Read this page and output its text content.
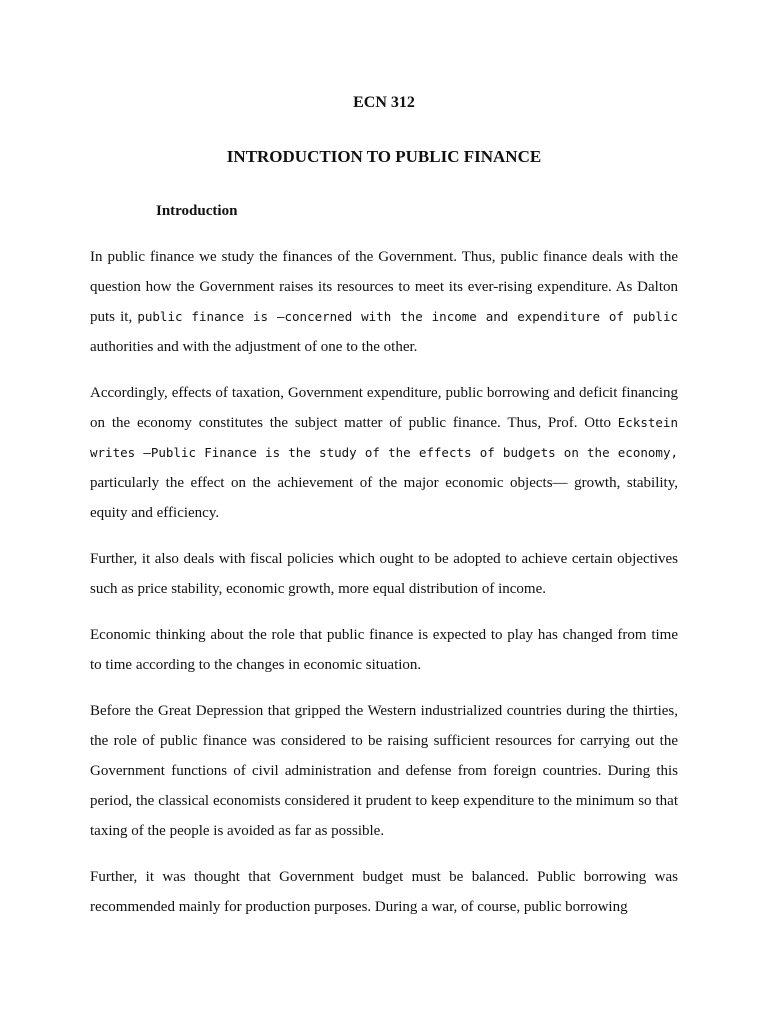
ECN 312
INTRODUCTION TO PUBLIC FINANCE
Introduction

In public finance we study the finances of the Government. Thus, public finance deals with the question how the Government raises its resources to meet its ever-rising expenditure. As Dalton puts it, public finance is —concerned with the income and expenditure of public authorities and with the adjustment of one to the other.

Accordingly, effects of taxation, Government expenditure, public borrowing and deficit financing on the economy constitutes the subject matter of public finance. Thus, Prof. Otto Eckstein writes —Public Finance is the study of the effects of budgets on the economy, particularly the effect on the achievement of the major economic objects— growth, stability, equity and efficiency.

Further, it also deals with fiscal policies which ought to be adopted to achieve certain objectives such as price stability, economic growth, more equal distribution of income.

Economic thinking about the role that public finance is expected to play has changed from time to time according to the changes in economic situation.

Before the Great Depression that gripped the Western industrialized countries during the thirties, the role of public finance was considered to be raising sufficient resources for carrying out the Government functions of civil administration and defense from foreign countries. During this period, the classical economists considered it prudent to keep expenditure to the minimum so that taxing of the people is avoided as far as possible.

Further, it was thought that Government budget must be balanced. Public borrowing was recommended mainly for production purposes. During a war, of course, public borrowing
